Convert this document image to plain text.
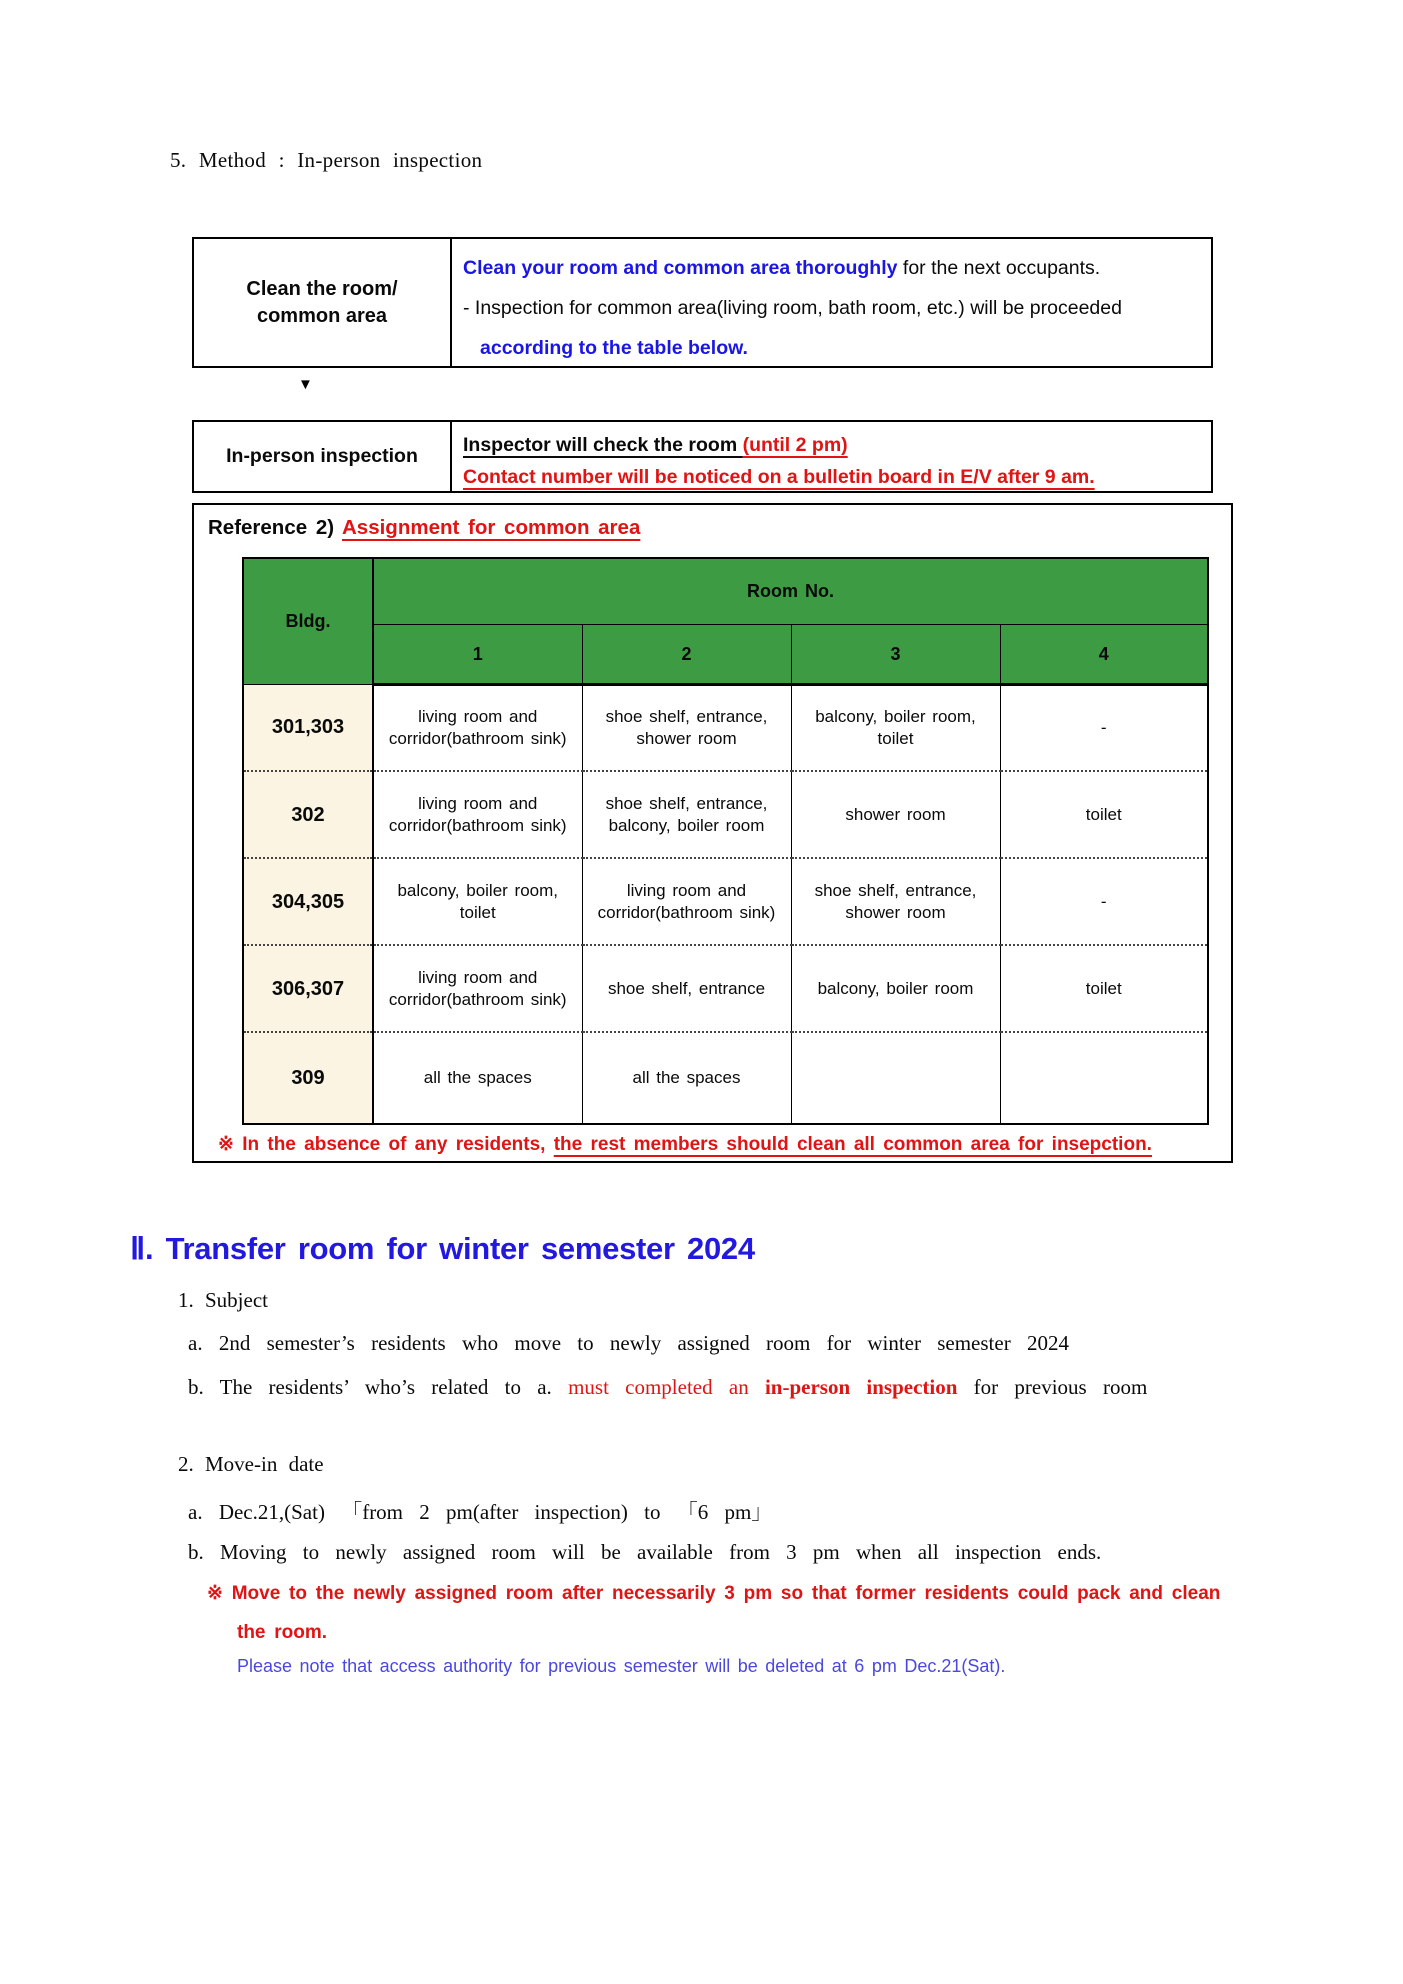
5. Method : In-person inspection
Clean the room/
common area
Clean your room and common area thoroughly for the next occupants.
- Inspection for common area(living room, bath room, etc.) will be proceeded
according to the table below.
▼
In-person inspection Inspector will check the room (until 2 pm)
Contact number will be noticed on a bulletin board in E/V after 9 am.
Reference 2) Assignment for common area
Bldg.	Room No.			
	1	2	3	4
301,303	living room and corridor(bathroom sink)	shoe shelf, entrance, shower room	balcony, boiler room, toilet	-
302	living room and corridor(bathroom sink)	shoe shelf, entrance, balcony, boiler room	shower room	toilet
304,305	balcony, boiler room, toilet	living room and corridor(bathroom sink)	shoe shelf, entrance, shower room	-
306,307	living room and corridor(bathroom sink)	shoe shelf, entrance	balcony, boiler room	toilet
309	all the spaces	all the spaces		
※ In the absence of any residents, the rest members should clean all common area for insepction.
Ⅱ. Transfer room for winter semester 2024
1. Subject
a. 2nd semester’s residents who move to newly assigned room for winter semester 2024
b. The residents’ who’s related to a. must completed an in-person inspection for previous room
2. Move-in date
a. Dec.21,(Sat) 「from 2 pm(after inspection) to 「6 pm」
b. Moving to newly assigned room will be available from 3 pm when all inspection ends.
※ Move to the newly assigned room after necessarily 3 pm so that former residents could pack and clean
the room.
Please note that access authority for previous semester will be deleted at 6 pm Dec.21(Sat).
